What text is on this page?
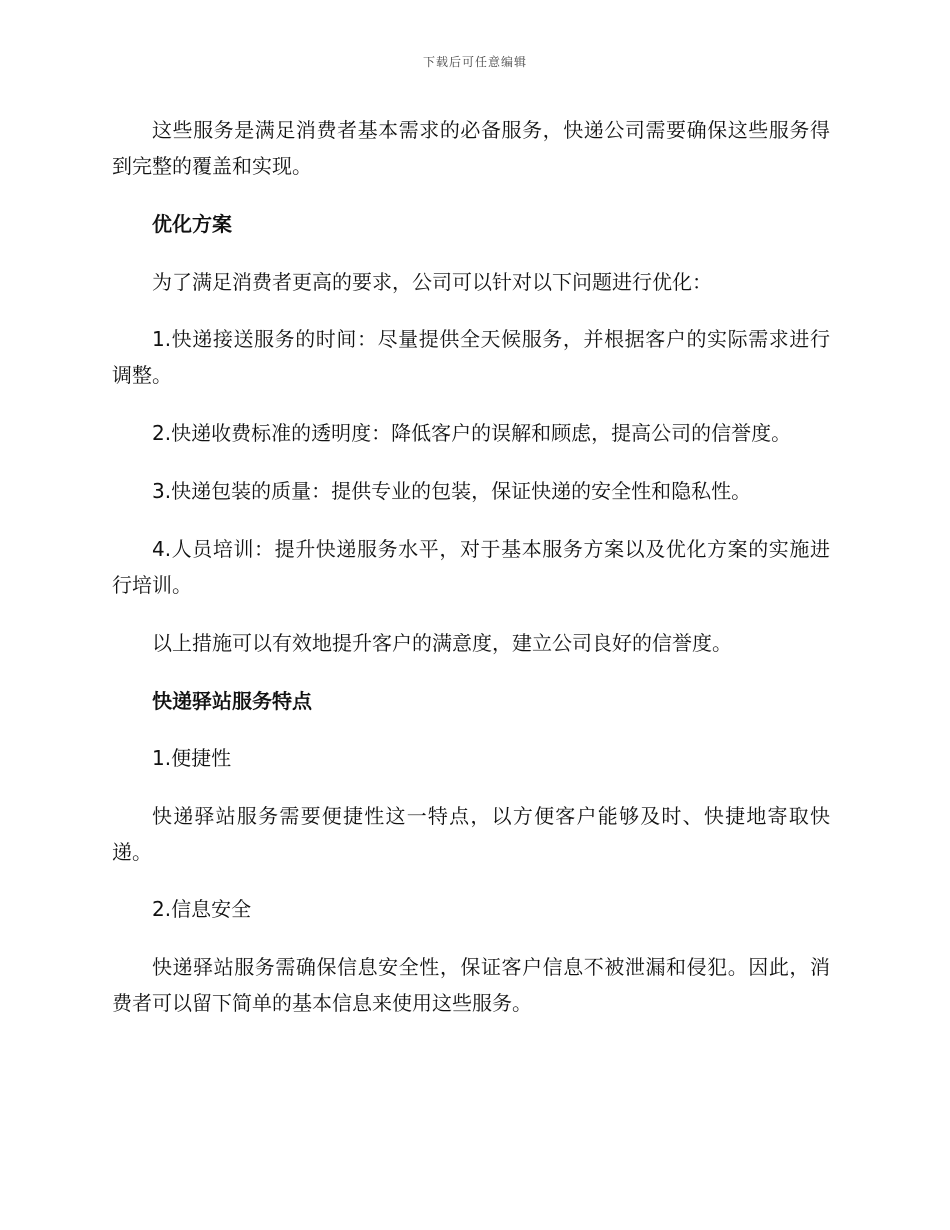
下载后可任意编辑

这些服务是满足消费者基本需求的必备服务，快递公司需要确保这些服务得到完整的覆盖和实现。

优化方案

为了满足消费者更高的要求，公司可以针对以下问题进行优化：

1.快递接送服务的时间：尽量提供全天候服务，并根据客户的实际需求进行调整。

2.快递收费标准的透明度：降低客户的误解和顾虑，提高公司的信誉度。

3.快递包装的质量：提供专业的包装，保证快递的安全性和隐私性。

4.人员培训：提升快递服务水平，对于基本服务方案以及优化方案的实施进行培训。

以上措施可以有效地提升客户的满意度，建立公司良好的信誉度。

快递驿站服务特点

1.便捷性

快递驿站服务需要便捷性这一特点，以方便客户能够及时、快捷地寄取快递。

2.信息安全

快递驿站服务需确保信息安全性，保证客户信息不被泄漏和侵犯。因此，消费者可以留下简单的基本信息来使用这些服务。
